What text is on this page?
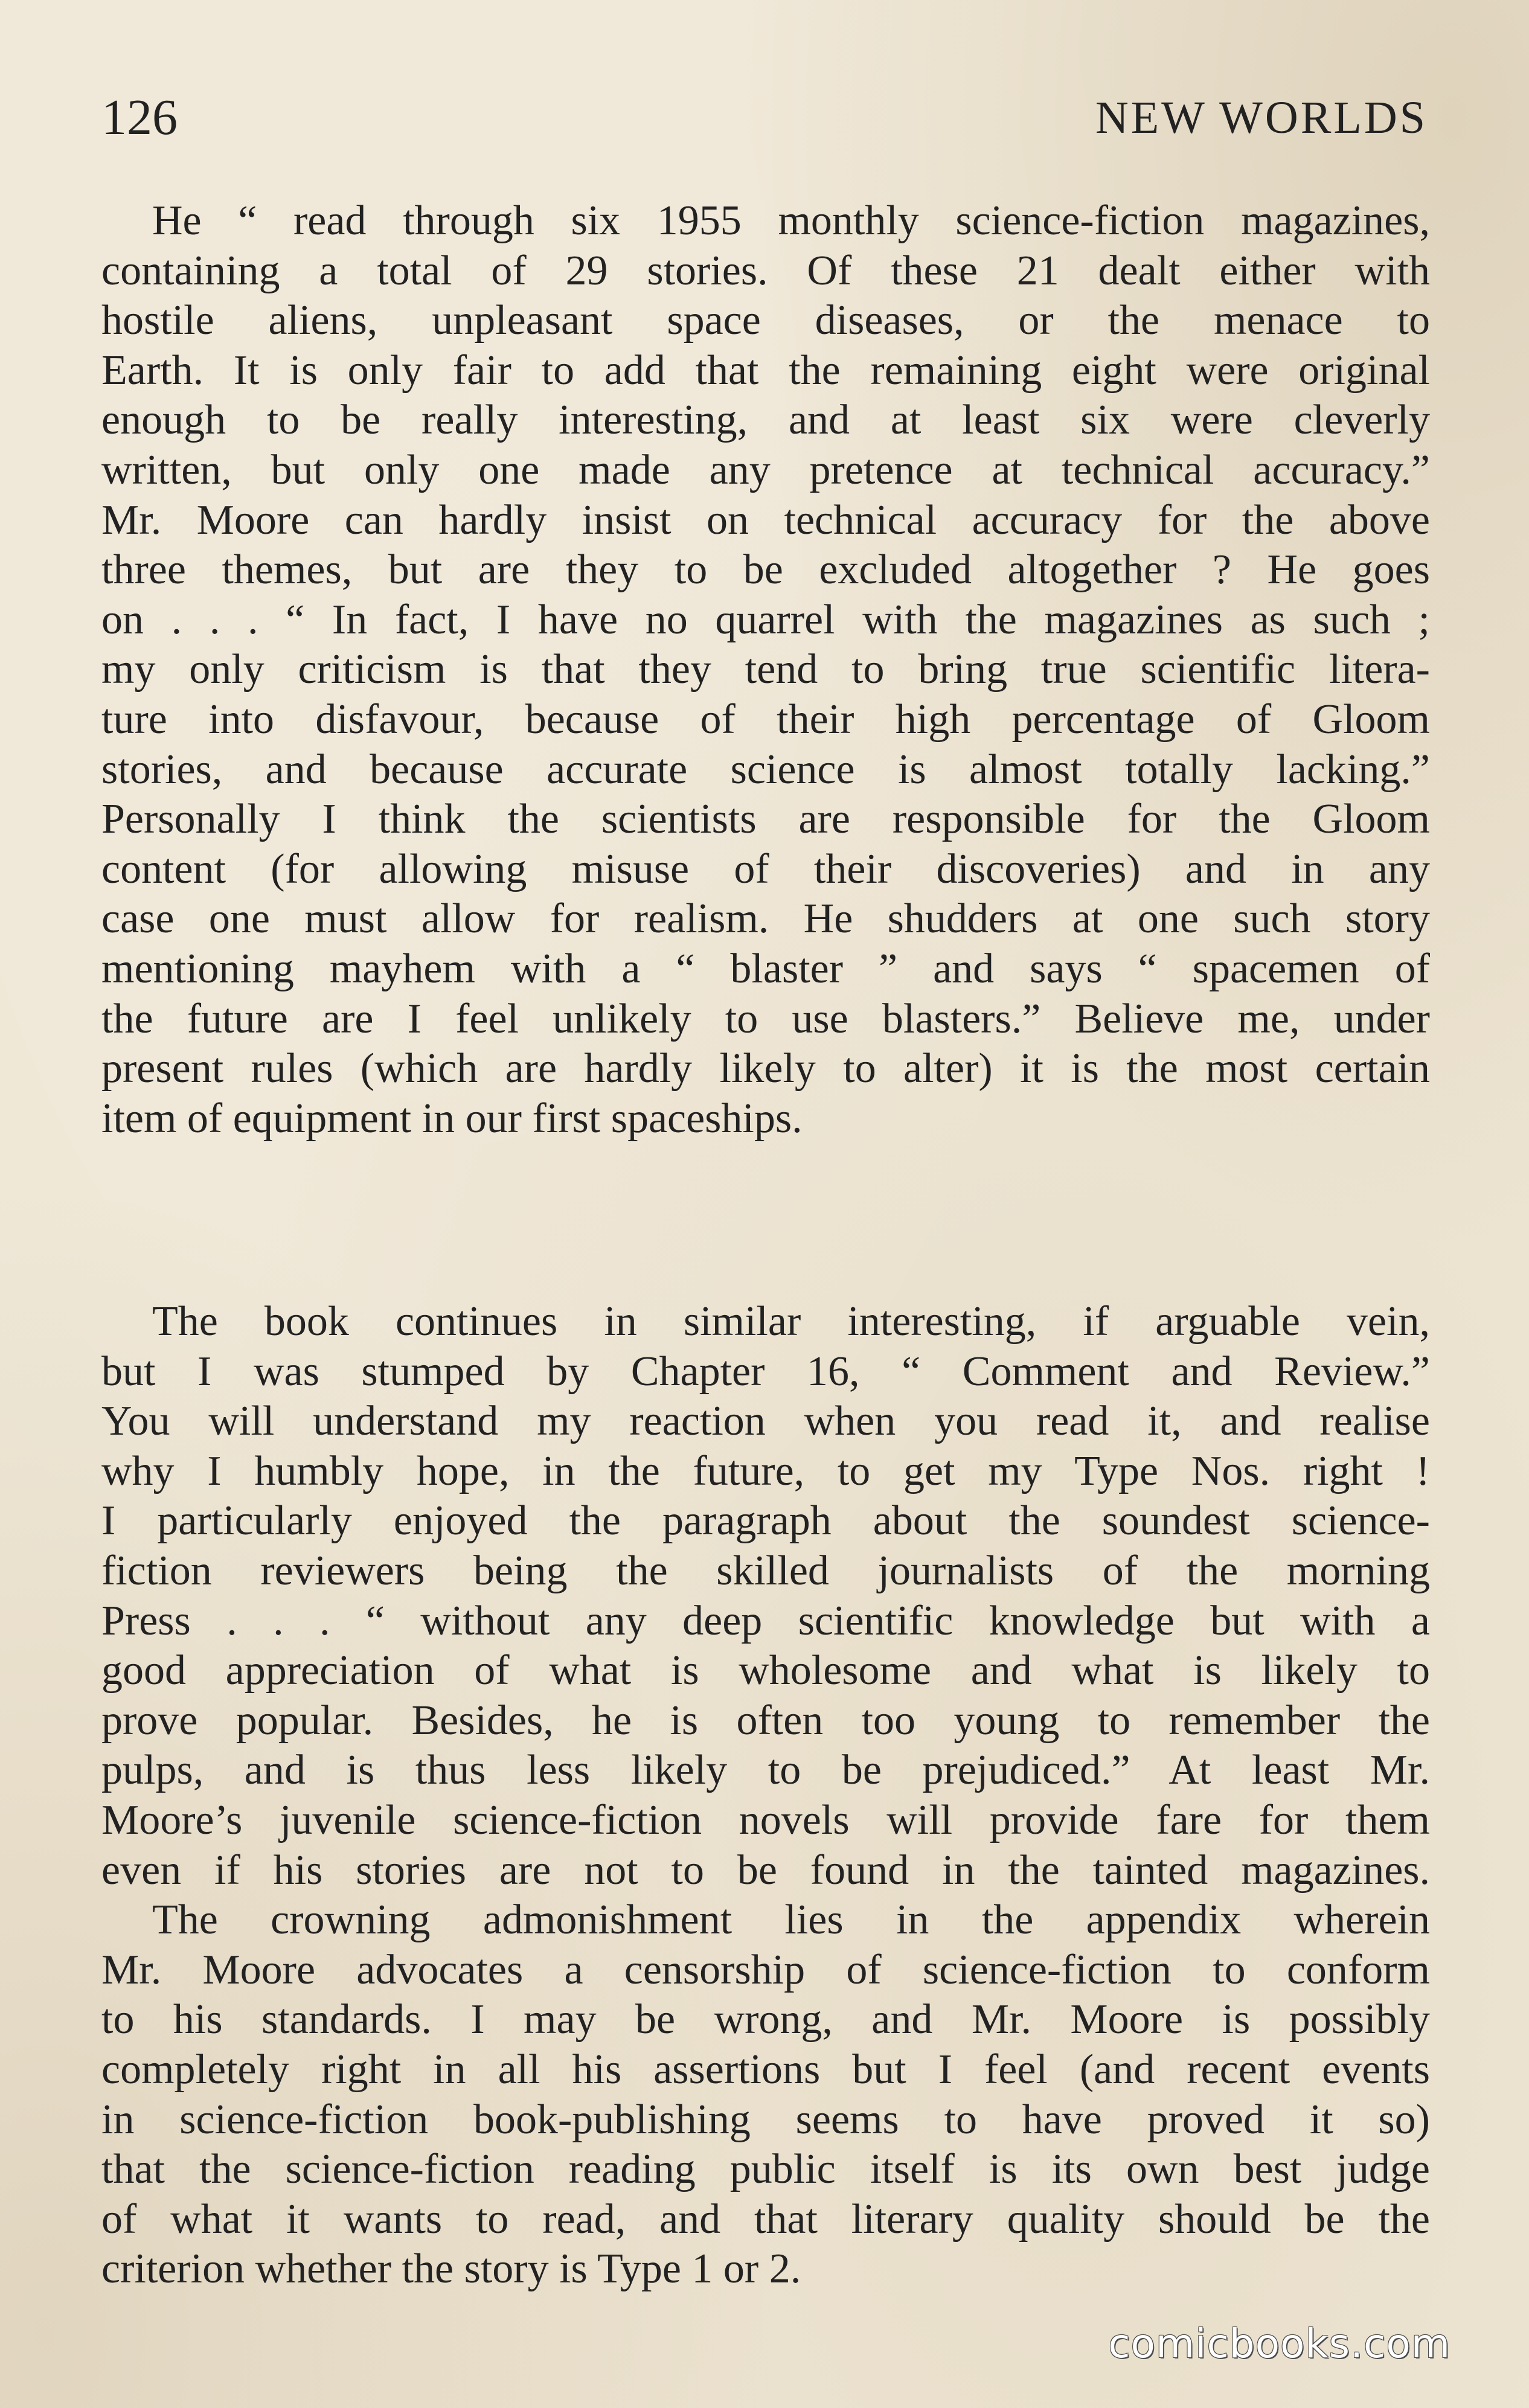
126	NEW WORLDS
He “ read through six 1955 monthly science-fiction magazines,
containing a total of 29 stories. Of these 21 dealt either with
hostile aliens, unpleasant space diseases, or the menace to
Earth. It is only fair to add that the remaining eight were original
enough to be really interesting, and at least six were cleverly
written, but only one made any pretence at technical accuracy.”
Mr. Moore can hardly insist on technical accuracy for the above
three themes, but are they to be excluded altogether ? He goes
on . . . “ In fact, I have no quarrel with the magazines as such ;
my only criticism is that they tend to bring true scientific litera-
ture into disfavour, because of their high percentage of Gloom
stories, and because accurate science is almost totally lacking.”
Personally I think the scientists are responsible for the Gloom
content (for allowing misuse of their discoveries) and in any
case one must allow for realism. He shudders at one such story
mentioning mayhem with a “ blaster ” and says “ spacemen of
the future are I feel unlikely to use blasters.” Believe me, under
present rules (which are hardly likely to alter) it is the most certain
item of equipment in our first spaceships.
The book continues in similar interesting, if arguable vein,
but I was stumped by Chapter 16, “ Comment and Review.”
You will understand my reaction when you read it, and realise
why I humbly hope, in the future, to get my Type Nos. right !
I particularly enjoyed the paragraph about the soundest science-
fiction reviewers being the skilled journalists of the morning
Press . . . “ without any deep scientific knowledge but with a
good appreciation of what is wholesome and what is likely to
prove popular. Besides, he is often too young to remember the
pulps, and is thus less likely to be prejudiced.” At least Mr.
Moore’s juvenile science-fiction novels will provide fare for them
even if his stories are not to be found in the tainted magazines.
The crowning admonishment lies in the appendix wherein
Mr. Moore advocates a censorship of science-fiction to conform
to his standards. I may be wrong, and Mr. Moore is possibly
completely right in all his assertions but I feel (and recent events
in science-fiction book-publishing seems to have proved it so)
that the science-fiction reading public itself is its own best judge
of what it wants to read, and that literary quality should be the
criterion whether the story is Type 1 or 2.
comicbooks.com
